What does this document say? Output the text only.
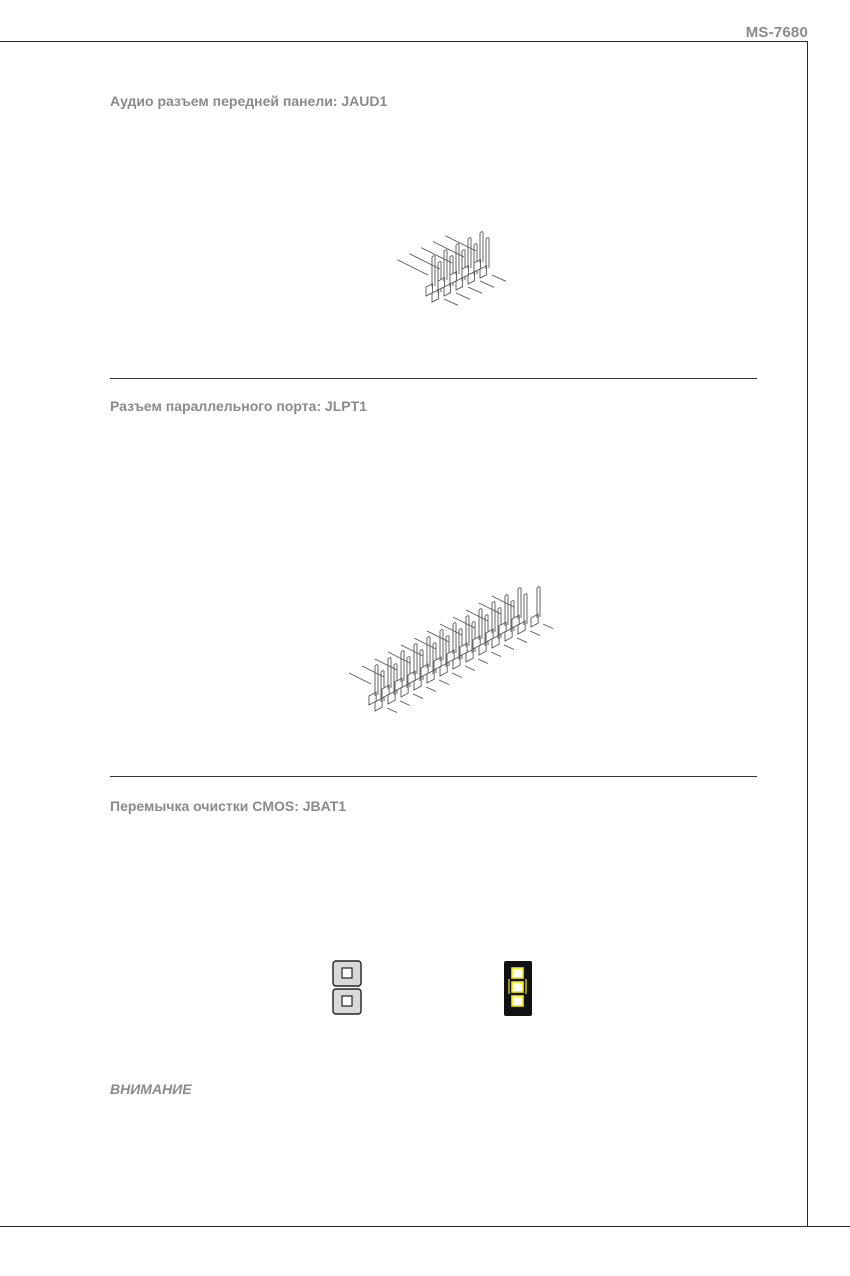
MS-7680
Аудио разъем передней панели: JAUD1
Разъем параллельного порта: JLPT1
Перемычка очистки CMOS: JBAT1
ВНИМАНИЕ
